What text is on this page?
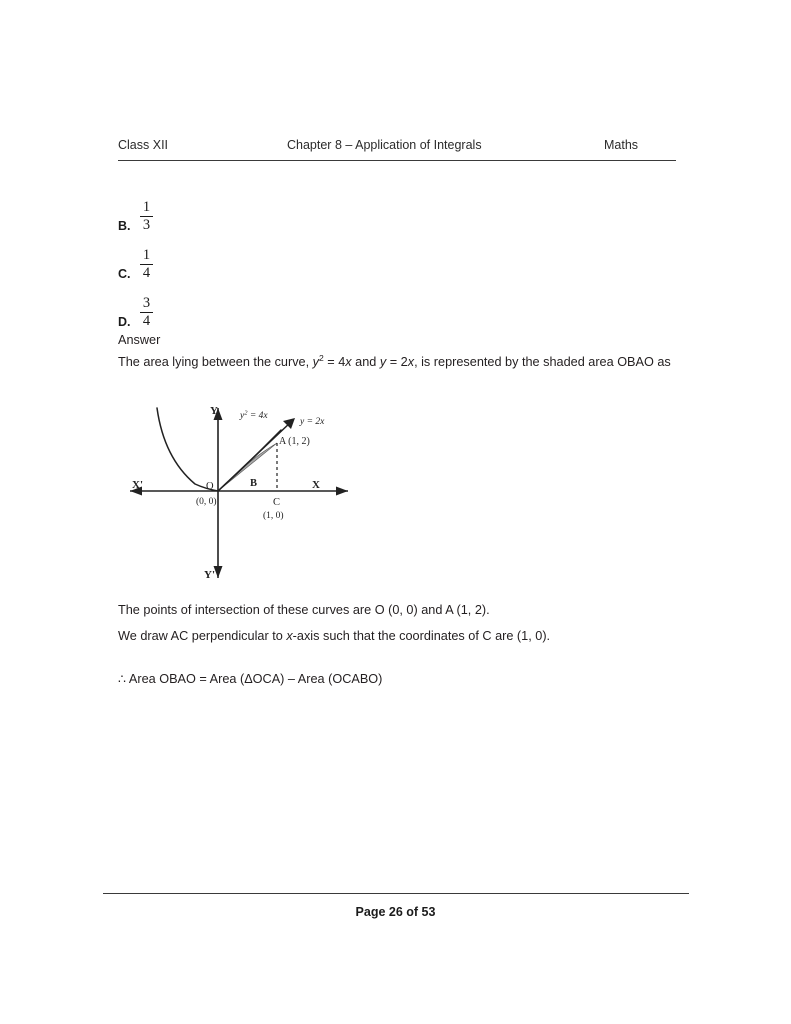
Class XII	Chapter 8 – Application of Integrals	Maths
B. $\frac{1}{3}$
C. $\frac{1}{4}$
D. $\frac{3}{4}$
Answer
The area lying between the curve, $y^2 = 4x$ and y = 2x, is represented by the shaded area OBAO as
X
X'
Y
Y'
$y^2 = 4x$
y = 2x
O
(0, 0)
A (1, 2)
B
C
(1, 0)
The points of intersection of these curves are O (0, 0) and A (1, 2).
We draw AC perpendicular to x-axis such that the coordinates of C are (1, 0).
∴ Area OBAO = Area (ΔOCA) – Area (OCABO)
Page 26 of 53
